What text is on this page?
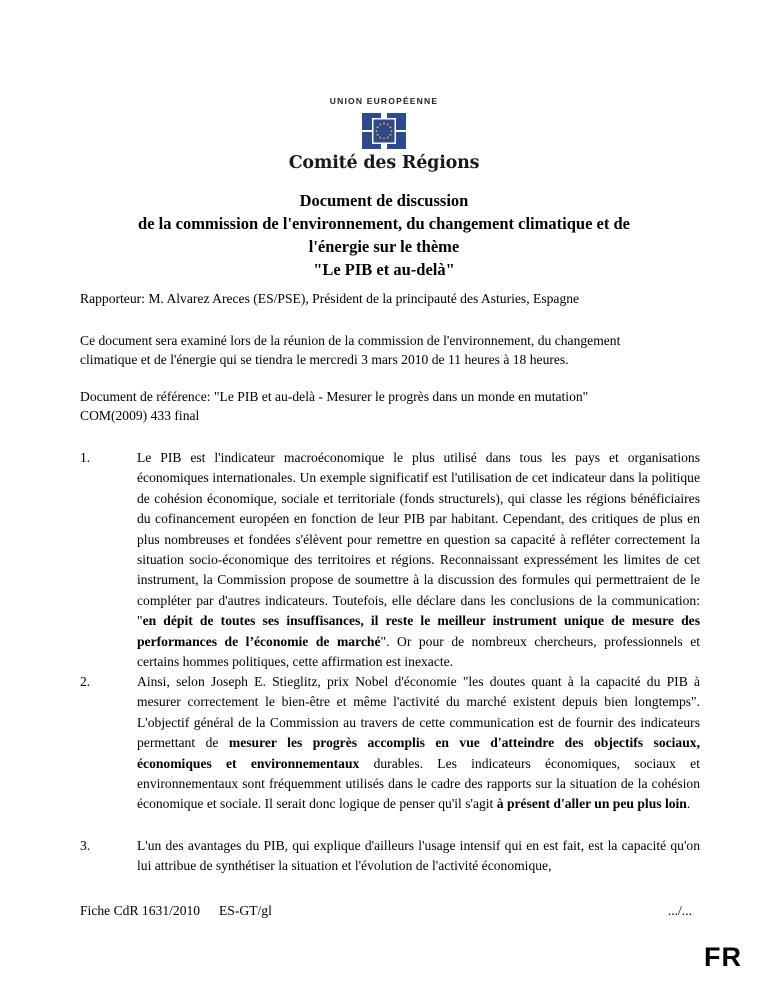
UNION EUROPÉENNE
Comité des Régions
Document de discussion
de la commission de l'environnement, du changement climatique et de
l'énergie sur le thème
"Le PIB et au-delà"
Rapporteur: M. Alvarez Areces (ES/PSE), Président de la principauté des Asturies, Espagne
Ce document sera examiné lors de la réunion de la commission de l'environnement, du changement
climatique et de l'énergie qui se tiendra le mercredi 3 mars 2010 de 11 heures à 18 heures.
Document de référence: "Le PIB et au-delà - Mesurer le progrès dans un monde en mutation"
COM(2009) 433 final
1.	Le PIB est l'indicateur macroéconomique le plus utilisé dans tous les pays et organisations économiques internationales. Un exemple significatif est l'utilisation de cet indicateur dans la politique de cohésion économique, sociale et territoriale (fonds structurels), qui classe les régions bénéficiaires du cofinancement européen en fonction de leur PIB par habitant. Cependant, des critiques de plus en plus nombreuses et fondées s'élèvent pour remettre en question sa capacité à refléter correctement la situation socio-économique des territoires et régions. Reconnaissant expressément les limites de cet instrument, la Commission propose de soumettre à la discussion des formules qui permettraient de le compléter par d'autres indicateurs. Toutefois, elle déclare dans les conclusions de la communication: "en dépit de toutes ses insuffisances, il reste le meilleur instrument unique de mesure des performances de l’économie de marché". Or pour de nombreux chercheurs, professionnels et certains hommes politiques, cette affirmation est inexacte.
2.	Ainsi, selon Joseph E. Stieglitz, prix Nobel d'économie "les doutes quant à la capacité du PIB à mesurer correctement le bien-être et même l'activité du marché existent depuis bien longtemps". L'objectif général de la Commission au travers de cette communication est de fournir des indicateurs permettant de mesurer les progrès accomplis en vue d'atteindre des objectifs sociaux, économiques et environnementaux durables. Les indicateurs économiques, sociaux et environnementaux sont fréquemment utilisés dans le cadre des rapports sur la situation de la cohésion économique et sociale. Il serait donc logique de penser qu'il s'agit à présent d'aller un peu plus loin.
3.	L'un des avantages du PIB, qui explique d'ailleurs l'usage intensif qui en est fait, est la capacité qu'on lui attribue de synthétiser la situation et l'évolution de l'activité économique,
Fiche CdR 1631/2010 ES-GT/gl	.../...
FR
